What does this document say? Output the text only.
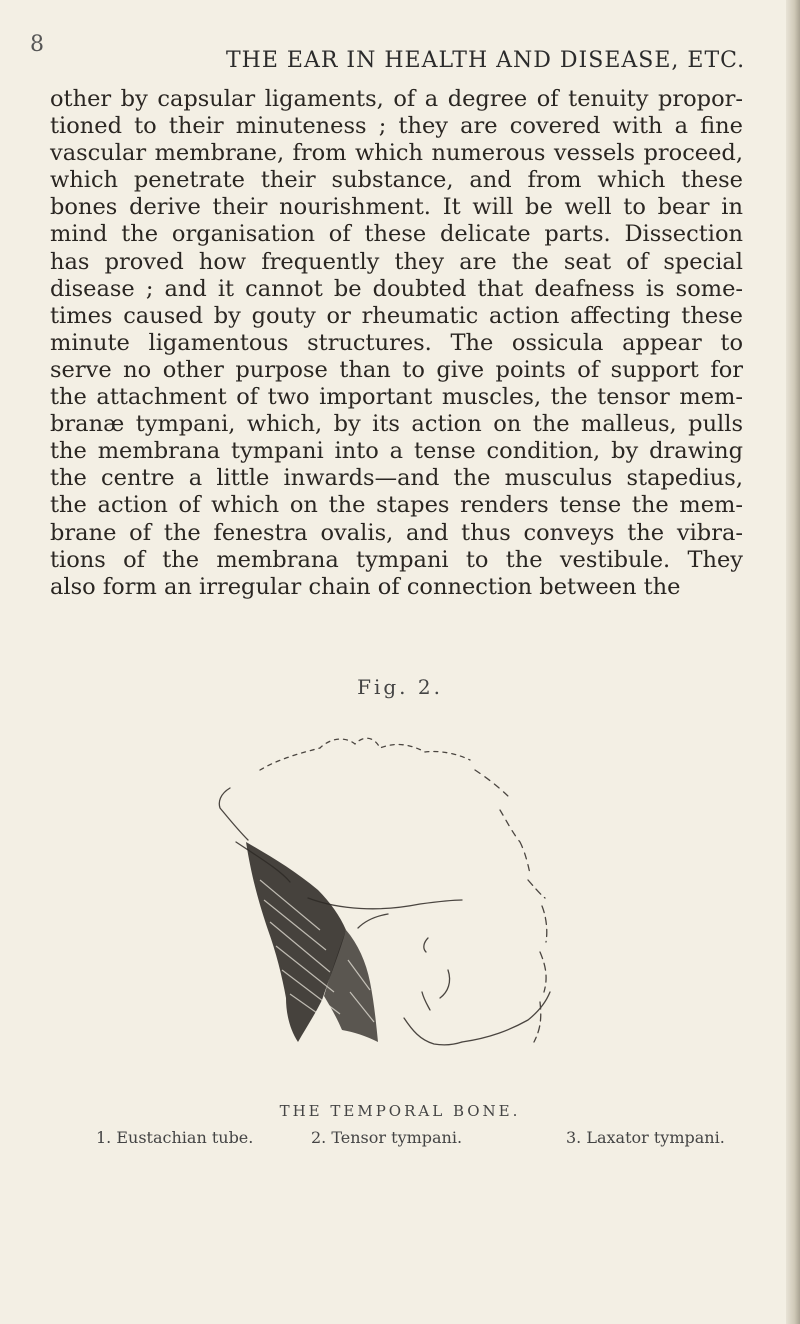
8
THE EAR IN HEALTH AND DISEASE, ETC.

other by capsular ligaments, of a degree of tenuity propor-
tioned to their minuteness ; they are covered with a fine
vascular membrane, from which numerous vessels proceed,
which penetrate their substance, and from which these
bones derive their nourishment. It will be well to bear in
mind the organisation of these delicate parts. Dissection
has proved how frequently they are the seat of special
disease ; and it cannot be doubted that deafness is some-
times caused by gouty or rheumatic action affecting these
minute ligamentous structures. The ossicula appear to
serve no other purpose than to give points of support for
the attachment of two important muscles, the tensor mem-
branæ tympani, which, by its action on the malleus, pulls
the membrana tympani into a tense condition, by drawing
the centre a little inwards—and the musculus stapedius,
the action of which on the stapes renders tense the mem-
brane of the fenestra ovalis, and thus conveys the vibra-
tions of the membrana tympani to the vestibule. They
also form an irregular chain of connection between the

Fig. 2.
THE TEMPORAL BONE.
1. Eustachian tube.	2. Tensor tympani.	3. Laxator tympani.
